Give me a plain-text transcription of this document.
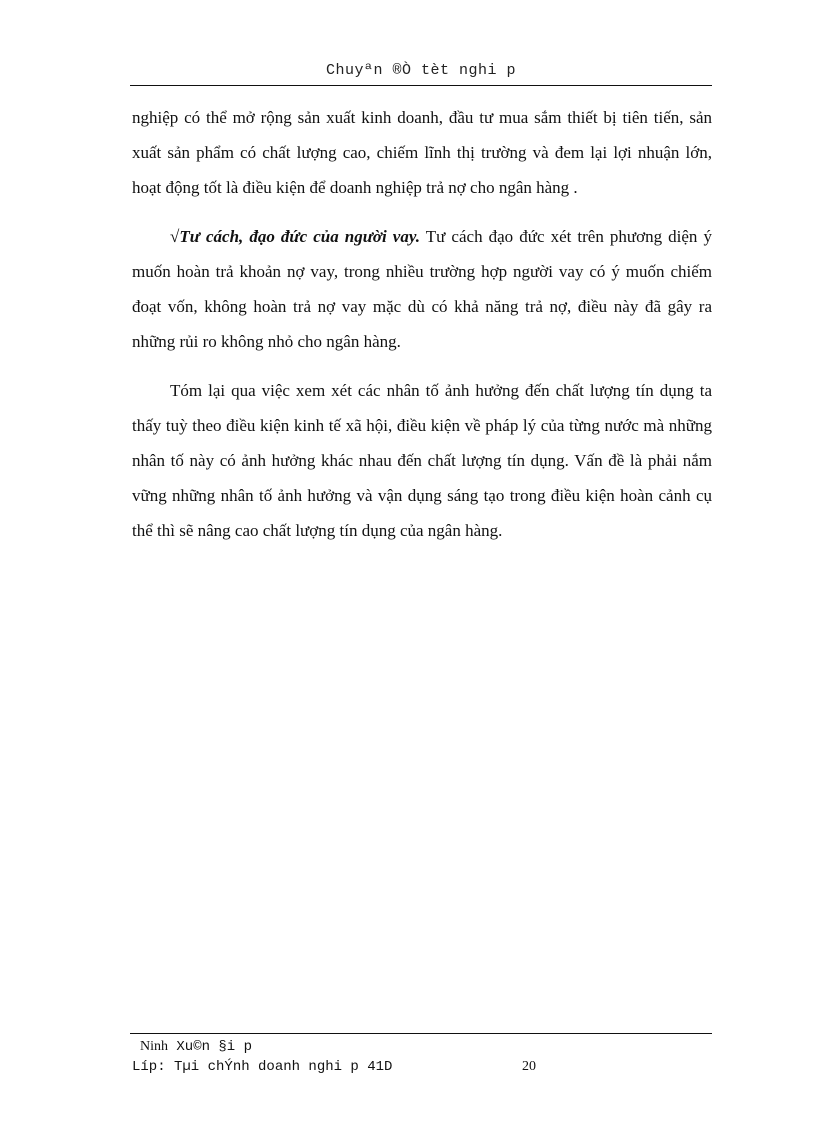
Chuyªn ®Ò tèt nghi p

nghiệp có thể mở rộng sản xuất kinh doanh, đầu tư mua sắm thiết bị tiên tiến, sản xuất sản phẩm có chất lượng cao, chiếm lĩnh thị trường và đem lại lợi nhuận lớn, hoạt động tốt là điều kiện để doanh nghiệp trả nợ cho ngân hàng .

√Tư cách, đạo đức của người vay. Tư cách đạo đức xét trên phương diện ý muốn hoàn trả khoản nợ vay, trong nhiều trường hợp người vay có ý muốn chiếm đoạt vốn, không hoàn trả nợ vay mặc dù có khả năng trả nợ, điều này đã gây ra những rủi ro không nhỏ cho ngân hàng.

Tóm lại qua việc xem xét các nhân tố ảnh hưởng đến chất lượng tín dụng ta thấy tuỳ theo điều kiện kinh tế xã hội, điều kiện về pháp lý của từng nước mà những nhân tố này có ảnh hưởng khác nhau đến chất lượng tín dụng. Vấn đề là phải nắm vững những nhân tố ảnh hưởng và vận dụng sáng tạo trong điều kiện hoàn cảnh cụ thể thì sẽ nâng cao chất lượng tín dụng của ngân hàng.

Ninh Xu©n §i p
Líp: Tµi chÝnh doanh nghi p 41D	20
